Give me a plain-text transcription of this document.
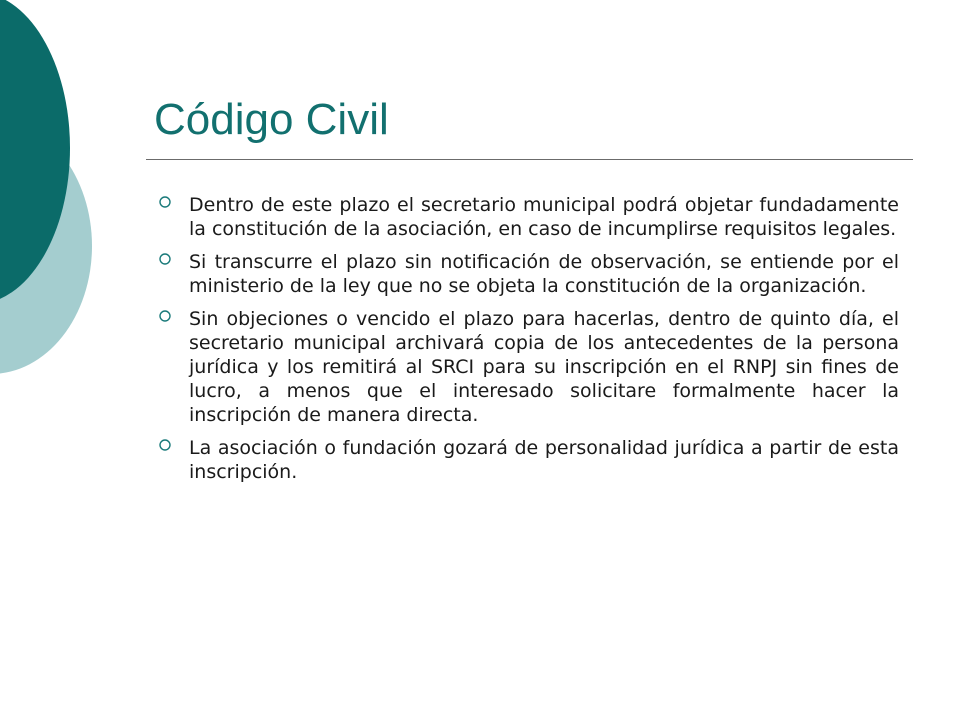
Código Civil
Dentro de este plazo el secretario municipal podrá objetar fundadamente la constitución de la asociación, en caso de incumplirse requisitos legales.
Si transcurre el plazo sin notificación de observación, se entiende por el ministerio de la ley que no se objeta la constitución de la organización.
Sin objeciones o vencido el plazo para hacerlas, dentro de quinto día, el secretario municipal archivará copia de los antecedentes de la persona jurídica y los remitirá al SRCI para su inscripción en el RNPJ sin fines de lucro, a menos que el interesado solicitare formalmente hacer la inscripción de manera directa.
La asociación o fundación gozará de personalidad jurídica a partir de esta inscripción.
